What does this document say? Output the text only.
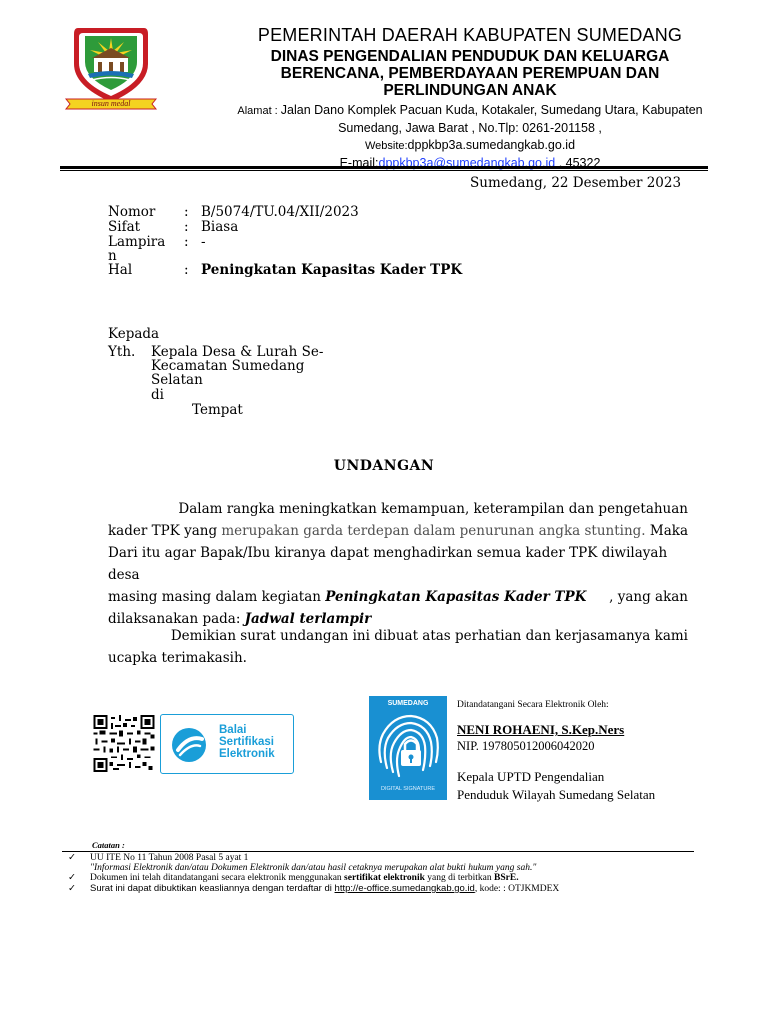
insun medal
PEMERINTAH DAERAH KABUPATEN SUMEDANG
DINAS PENGENDALIAN PENDUDUK DAN KELUARGA
BERENCANA, PEMBERDAYAAN PEREMPUAN DAN
PERLINDUNGAN ANAK
Alamat : Jalan Dano Komplek Pacuan Kuda, Kotakaler, Sumedang Utara, Kabupaten
Sumedang, Jawa Barat , No.Tlp: 0261-201158 ,
Website:dppkbp3a.sumedangkab.go.id
E-mail:dppkbp3a@sumedangkab.go.id , 45322
Sumedang, 22 Desember 2023
Nomor	: B/5074/TU.04/XII/2023
Sifat	: Biasa
Lampira	: -
n
Hal	: Peningkatan Kapasitas Kader TPK
Kepada
Yth. Kepala Desa & Lurah Se-
Kecamatan Sumedang
Selatan
di
Tempat
UNDANGAN
Dalam rangka meningkatkan kemampuan, keterampilan dan pengetahuan
kader TPK yang merupakan garda terdepan dalam penurunan angka stunting. Maka
Dari itu agar Bapak/Ibu kiranya dapat menghadirkan semua kader TPK diwilayah desa
masing masing dalam kegiatan Peningkatan Kapasitas Kader TPK , yang akan
dilaksanakan pada: Jadwal terlampir
Demikian surat undangan ini dibuat atas perhatian dan kerjasamanya kami
ucapka terimakasih.
Balai
Sertifikasi
Elektronik
SUMEDANG
DIGITAL SIGNATURE
Ditandatangani Secara Elektronik Oleh:
NENI ROHAENI, S.Kep.Ners
NIP. 197805012006042020
Kepala UPTD Pengendalian
Penduduk Wilayah Sumedang Selatan
Catatan :
✓ UU ITE No 11 Tahun 2008 Pasal 5 ayat 1
"Informasi Elektronik dan/atau Dokumen Elektronik dan/atau hasil cetaknya merupakan alat bukti hukum yang sah."
✓ Dokumen ini telah ditandatangani secara elektronik menggunakan sertifikat elektronik yang di terbitkan BSrE.
✓ Surat ini dapat dibuktikan keasliannya dengan terdaftar di http://e-office.sumedangkab.go.id, kode: : OTJKMDEX
